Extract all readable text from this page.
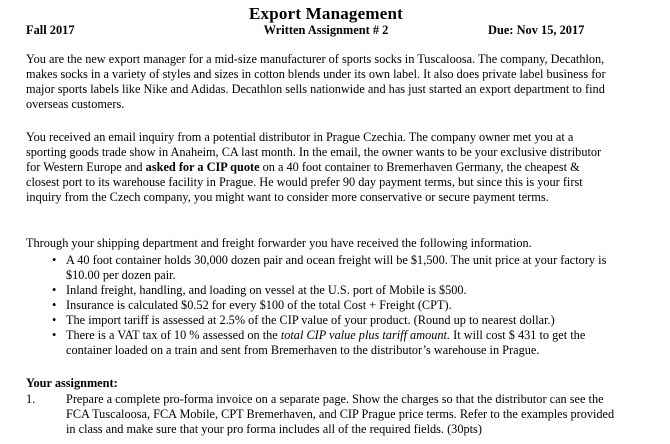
Export Management
Fall 2017	Written Assignment # 2	Due: Nov 15, 2017
You are the new export manager for a mid-size manufacturer of sports socks in Tuscaloosa. The company, Decathlon, makes socks in a variety of styles and sizes in cotton blends under its own label. It also does private label business for major sports labels like Nike and Adidas. Decathlon sells nationwide and has just started an export department to find overseas customers.
You received an email inquiry from a potential distributor in Prague Czechia. The company owner met you at a sporting goods trade show in Anaheim, CA last month. In the email, the owner wants to be your exclusive distributor for Western Europe and asked for a CIP quote on a 40 foot container to Bremerhaven Germany, the cheapest & closest port to its warehouse facility in Prague. He would prefer 90 day payment terms, but since this is your first inquiry from the Czech company, you might want to consider more conservative or secure payment terms.
Through your shipping department and freight forwarder you have received the following information.
• A 40 foot container holds 30,000 dozen pair and ocean freight will be $1,500. The unit price at your factory is $10.00 per dozen pair.
• Inland freight, handling, and loading on vessel at the U.S. port of Mobile is $500.
• Insurance is calculated $0.52 for every $100 of the total Cost + Freight (CPT).
• The import tariff is assessed at 2.5% of the CIP value of your product. (Round up to nearest dollar.)
• There is a VAT tax of 10 % assessed on the total CIP value plus tariff amount. It will cost $ 431 to get the container loaded on a train and sent from Bremerhaven to the distributor’s warehouse in Prague.
Your assignment:
1.	Prepare a complete pro-forma invoice on a separate page. Show the charges so that the distributor can see the FCA Tuscaloosa, FCA Mobile, CPT Bremerhaven, and CIP Prague price terms. Refer to the examples provided in class and make sure that your pro forma includes all of the required fields. (30pts)
